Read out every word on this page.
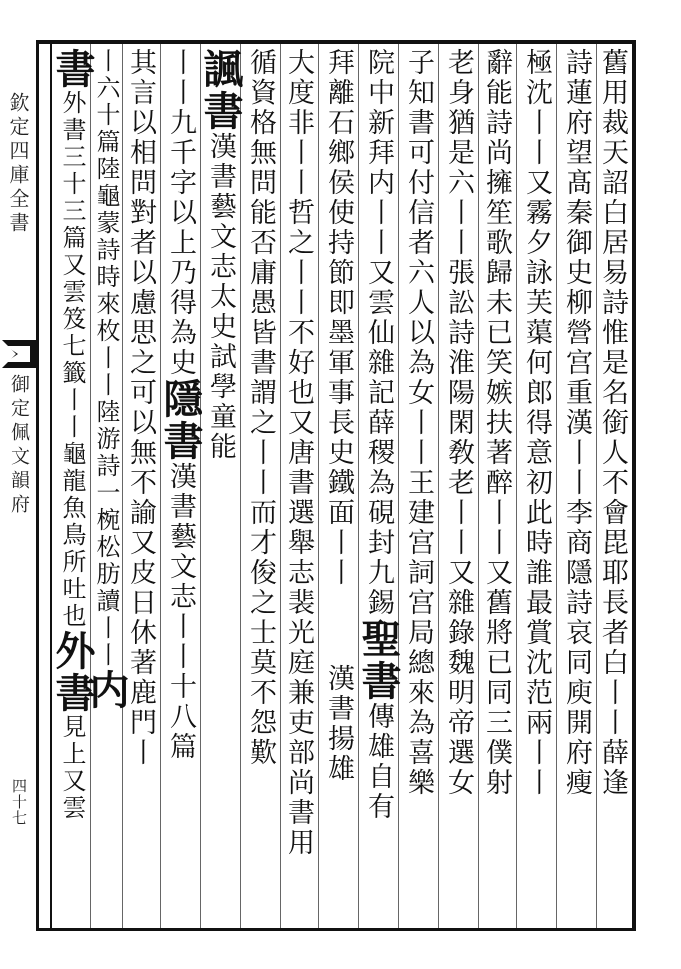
欽定四庫全書
御定佩文韻府
四十七
舊用裁天詔白居易詩惟是名銜人不會毘耶長者白丨丨薛逢
詩蓮府望髙秦御史柳營宫重漢丨丨李商隱詩哀同庾開府瘦
極沈丨丨又霧夕詠芙蕖何郎得意初此時誰最賞沈范兩丨丨
辭能詩尚擁笙歌歸未已笑嫉扶著醉丨丨又舊將已同三僕射
老身猶是六丨丨張訟詩淮陽閑敎老丨丨又雜錄魏明帝選女
子知書可付信者六人以為女丨丨王建宫詞宫局總來為喜樂
院中新拜内丨丨又雲仙雜記薛稷為硯封九錫聖書傳雄自有
拜離石鄉侯使持節即墨軍事長史鐵面丨丨漢書揚雄
大度非丨丨哲之丨丨不好也又唐書選舉志裴光庭兼吏部尚書用
循資格無問能否庸愚皆書謂之丨丨而才俊之士莫不怨歎
諷書漢書藝文志太史試學童能
丨丨九千字以上乃得為史隱書漢書藝文志丨丨十八篇
其言以相問對者以慮思之可以無不諭又皮日休著鹿門丨
丨六十篇陸龜蒙詩時來枚丨丨陸游詩一椀松肪讀丨丨内
書外書三十三篇又雲笈七籤丨丨龜龍魚鳥所吐也外書見上又雲
